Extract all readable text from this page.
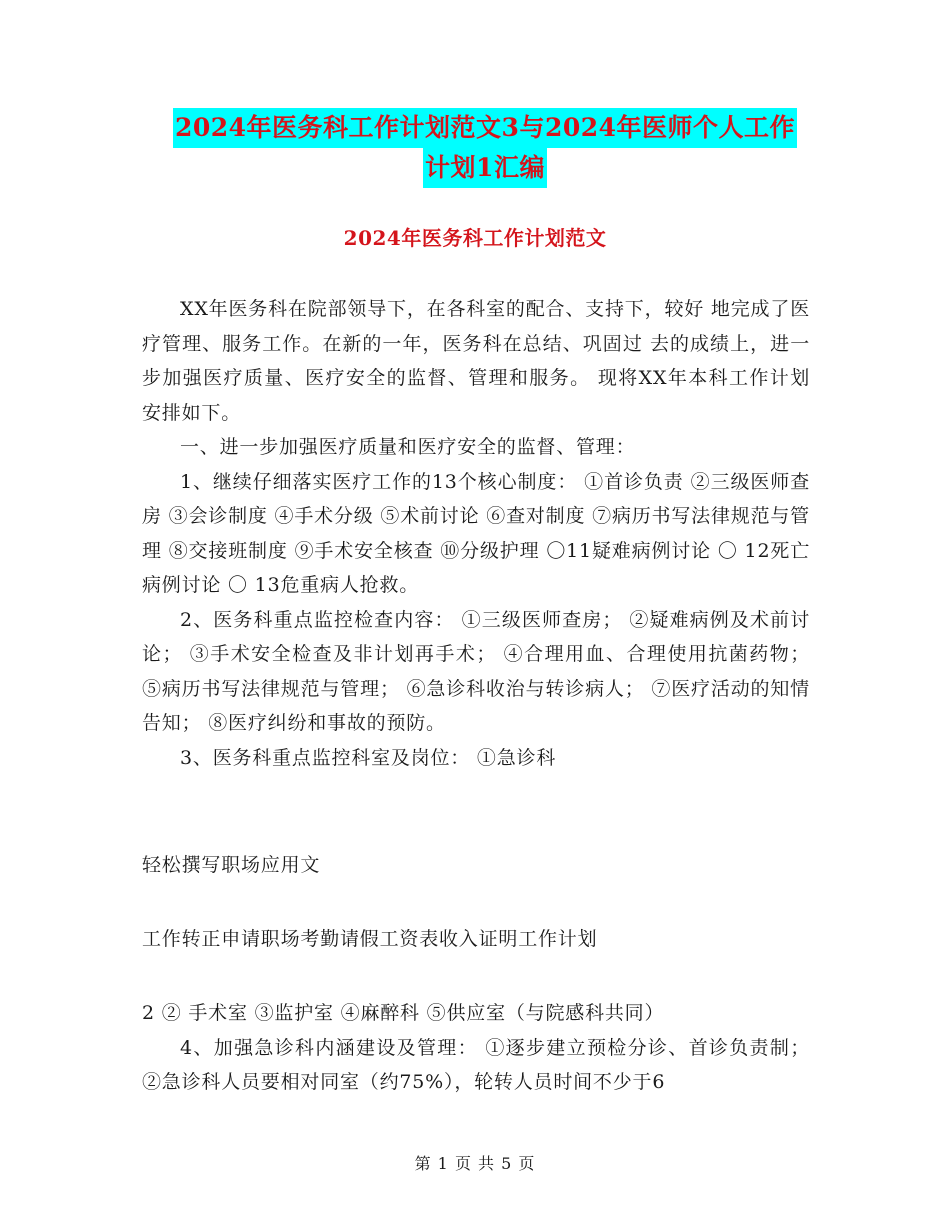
2024年医务科工作计划范文3与2024年医师个人工作
计划1汇编
2024年医务科工作计划范文

XX年医务科在院部领导下，在各科室的配合、支持下，较好 地完成了医疗管理、服务工作。在新的一年，医务科在总结、巩固过 去的成绩上，进一步加强医疗质量、医疗安全的监督、管理和服务。 现将XX年本科工作计划安排如下。

一、进一步加强医疗质量和医疗安全的监督、管理：

1、继续仔细落实医疗工作的13个核心制度： ①首诊负责 ②三级医师查房 ③会诊制度 ④手术分级 ⑤术前讨论 ⑥查对制度 ⑦病历书写法律规范与管理 ⑧交接班制度 ⑨手术安全核查 ⑩分级护理 〇11疑难病例讨论 〇 12死亡病例讨论 〇 13危重病人抢救。

2、医务科重点监控检查内容： ①三级医师查房； ②疑难病例及术前讨论； ③手术安全检查及非计划再手术； ④合理用血、合理使用抗菌药物； ⑤病历书写法律规范与管理； ⑥急诊科收治与转诊病人； ⑦医疗活动的知情告知； ⑧医疗纠纷和事故的预防。

3、医务科重点监控科室及岗位： ①急诊科

轻松撰写职场应用文

工作转正申请职场考勤请假工资表收入证明工作计划

2 ② 手术室 ③监护室 ④麻醉科 ⑤供应室（与院感科共同）

4、加强急诊科内涵建设及管理： ①逐步建立预检分诊、首诊负责制； ②急诊科人员要相对同室（约75%），轮转人员时间不少于6

第 1 页 共 5 页
